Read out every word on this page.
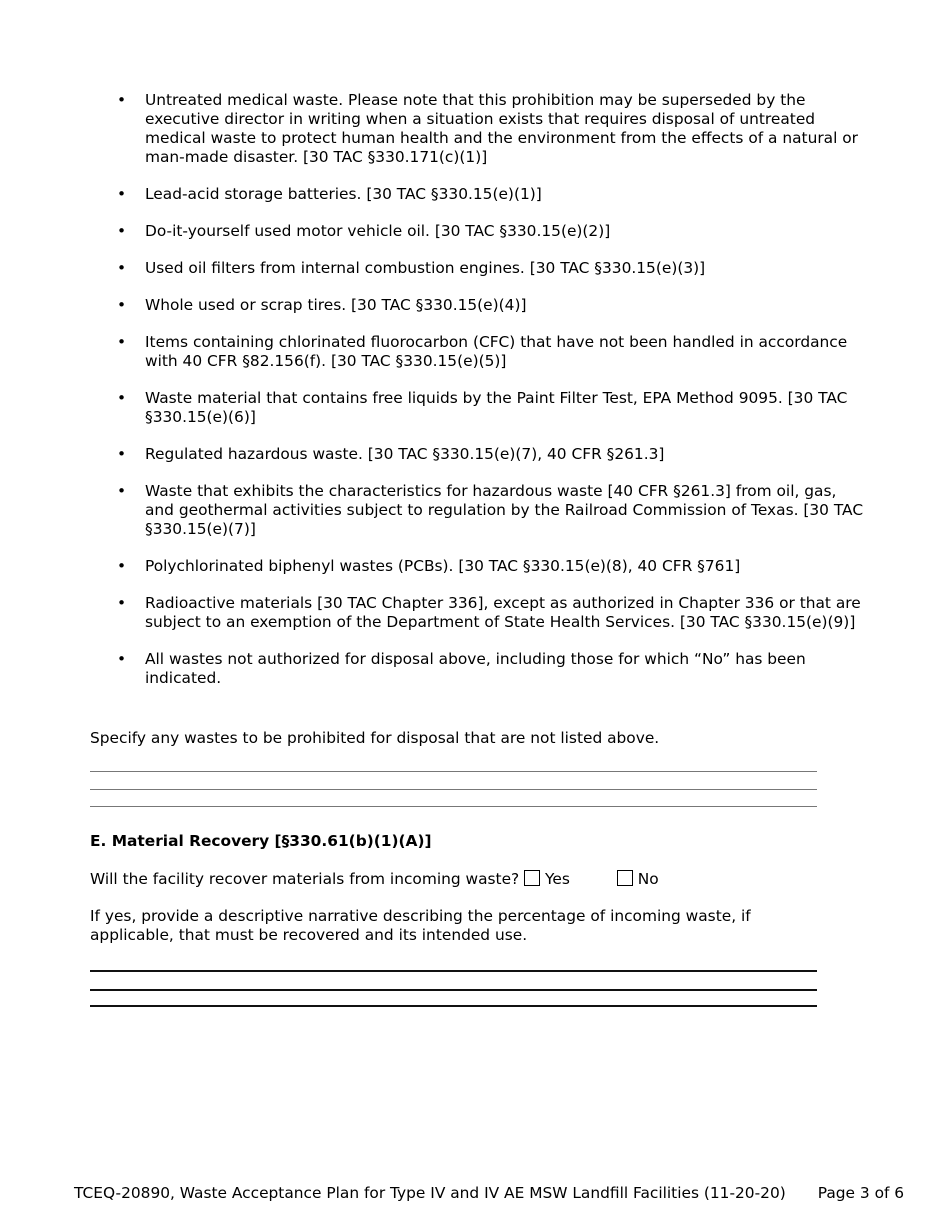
• Untreated medical waste. Please note that this prohibition may be superseded by the executive director in writing when a situation exists that requires disposal of untreated medical waste to protect human health and the environment from the effects of a natural or man-made disaster. [30 TAC §330.171(c)(1)]
• Lead-acid storage batteries. [30 TAC §330.15(e)(1)]
• Do-it-yourself used motor vehicle oil. [30 TAC §330.15(e)(2)]
• Used oil filters from internal combustion engines. [30 TAC §330.15(e)(3)]
• Whole used or scrap tires. [30 TAC §330.15(e)(4)]
• Items containing chlorinated fluorocarbon (CFC) that have not been handled in accordance with 40 CFR §82.156(f). [30 TAC §330.15(e)(5)]
• Waste material that contains free liquids by the Paint Filter Test, EPA Method 9095. [30 TAC §330.15(e)(6)]
• Regulated hazardous waste. [30 TAC §330.15(e)(7), 40 CFR §261.3]
• Waste that exhibits the characteristics for hazardous waste [40 CFR §261.3] from oil, gas, and geothermal activities subject to regulation by the Railroad Commission of Texas. [30 TAC §330.15(e)(7)]
• Polychlorinated biphenyl wastes (PCBs). [30 TAC §330.15(e)(8), 40 CFR §761]
• Radioactive materials [30 TAC Chapter 336], except as authorized in Chapter 336 or that are subject to an exemption of the Department of State Health Services. [30 TAC §330.15(e)(9)]
• All wastes not authorized for disposal above, including those for which “No” has been indicated.
Specify any wastes to be prohibited for disposal that are not listed above.
E. Material Recovery [§330.61(b)(1)(A)]
Will the facility recover materials from incoming waste? Yes	No
If yes, provide a descriptive narrative describing the percentage of incoming waste, if applicable, that must be recovered and its intended use.
TCEQ-20890, Waste Acceptance Plan for Type IV and IV AE MSW Landfill Facilities (11-20-20) Page 3 of 6
